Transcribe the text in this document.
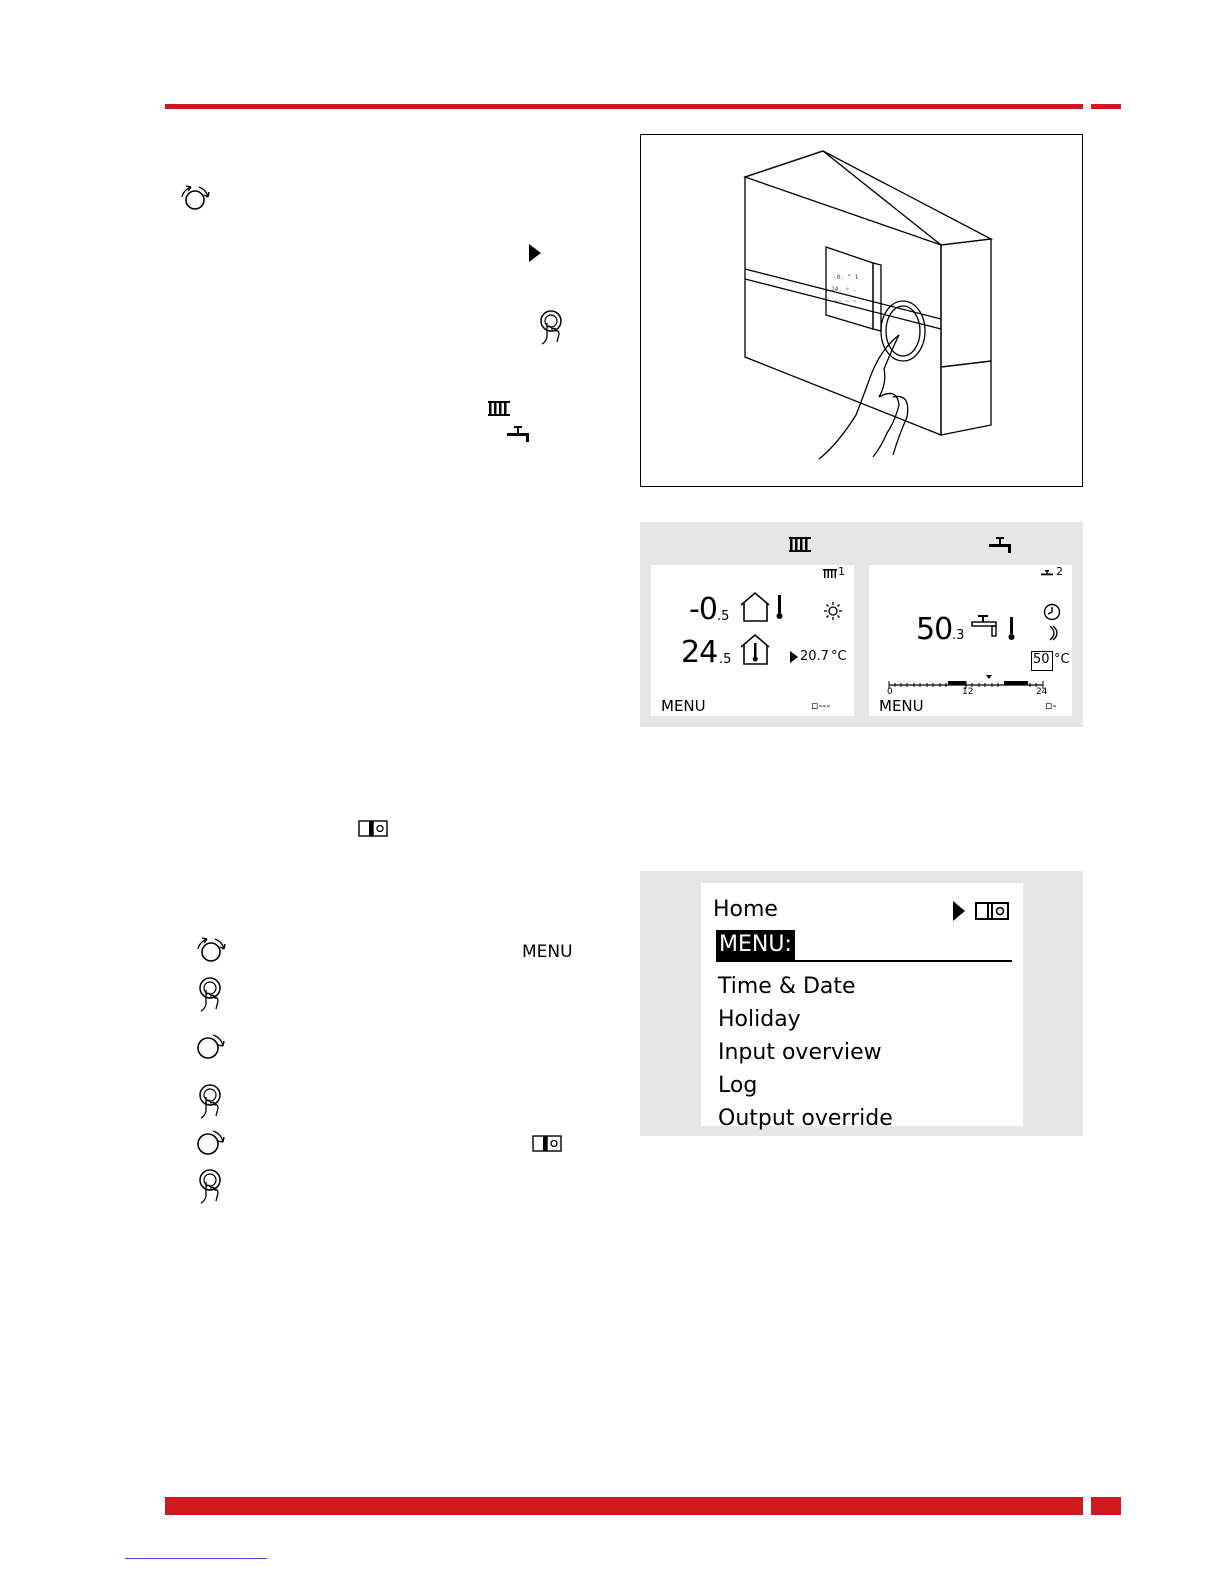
-0. ^ 1
24. ☼ .
~~~ ~ ~
1
-0 .5
24 .5	20.7 °C
MENU	▫---
2
50 .3
50 °C
0	12	24
MENU	▫-
MENU
Home
MENU:
Time & Date
Holiday
Input overview
Log
Output override
